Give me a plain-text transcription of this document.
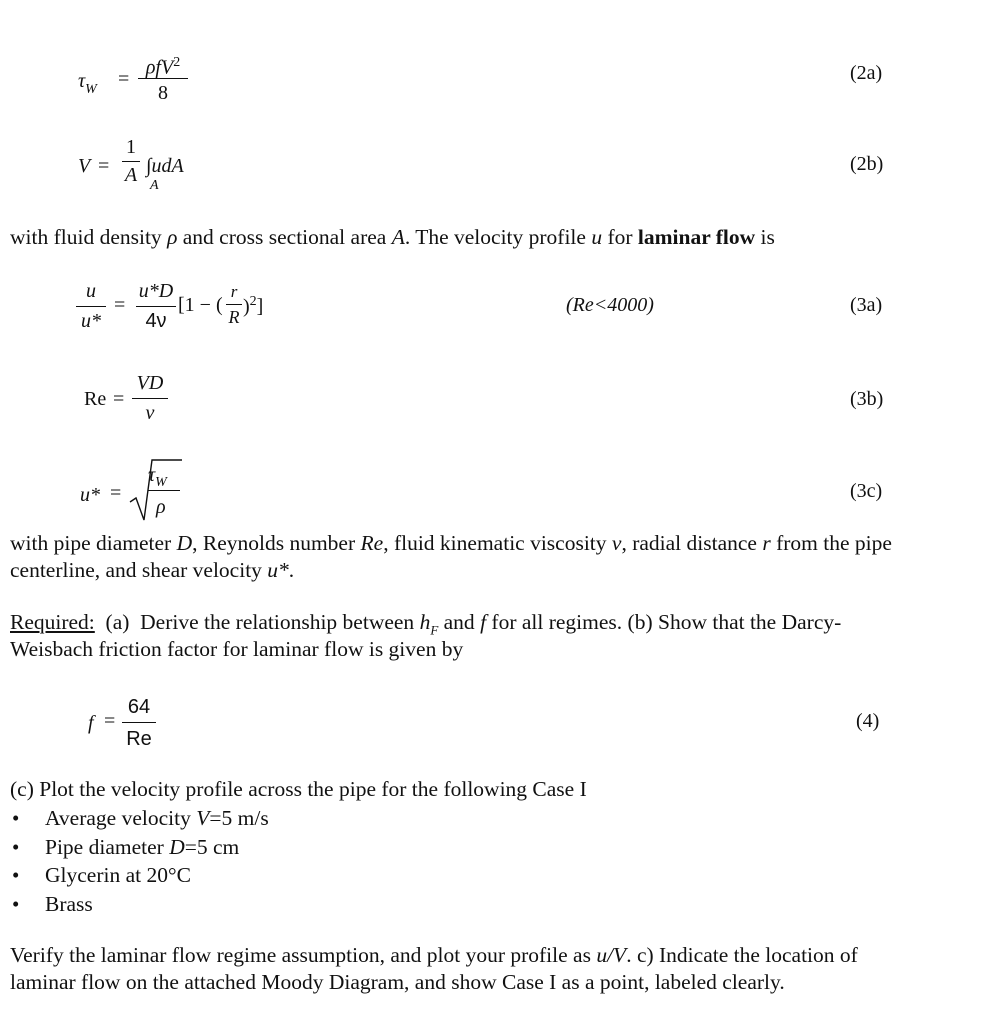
$\tau_W$ =
ρfV$^2$
8
(2a)
V =
1
A ∫udA
A
(2b)
with fluid density ρ and cross sectional area A. The velocity profile u for laminar flow is
u
u*
=
u*D
4ν
[1 − (
r
R )$^2$]	(Re<4000)	(3a)
Re =
VD
ν
(3b)
u* =
$\tau_W$
ρ
(3c)
with pipe diameter D, Reynolds number Re, fluid kinematic viscosity ν, radial distance r from the pipe
centerline, and shear velocity u*.
Required:  (a)  Derive the relationship between $h_F$ and f for all regimes. (b) Show that the Darcy-
Weisbach friction factor for laminar flow is given by
f =
64
Re
(4)
(c) Plot the velocity profile across the pipe for the following Case I
• Average velocity V=5 m/s
• Pipe diameter D=5 cm
• Glycerin at 20°C
• Brass
Verify the laminar flow regime assumption, and plot your profile as u/V. c) Indicate the location of
laminar flow on the attached Moody Diagram, and show Case I as a point, labeled clearly.
